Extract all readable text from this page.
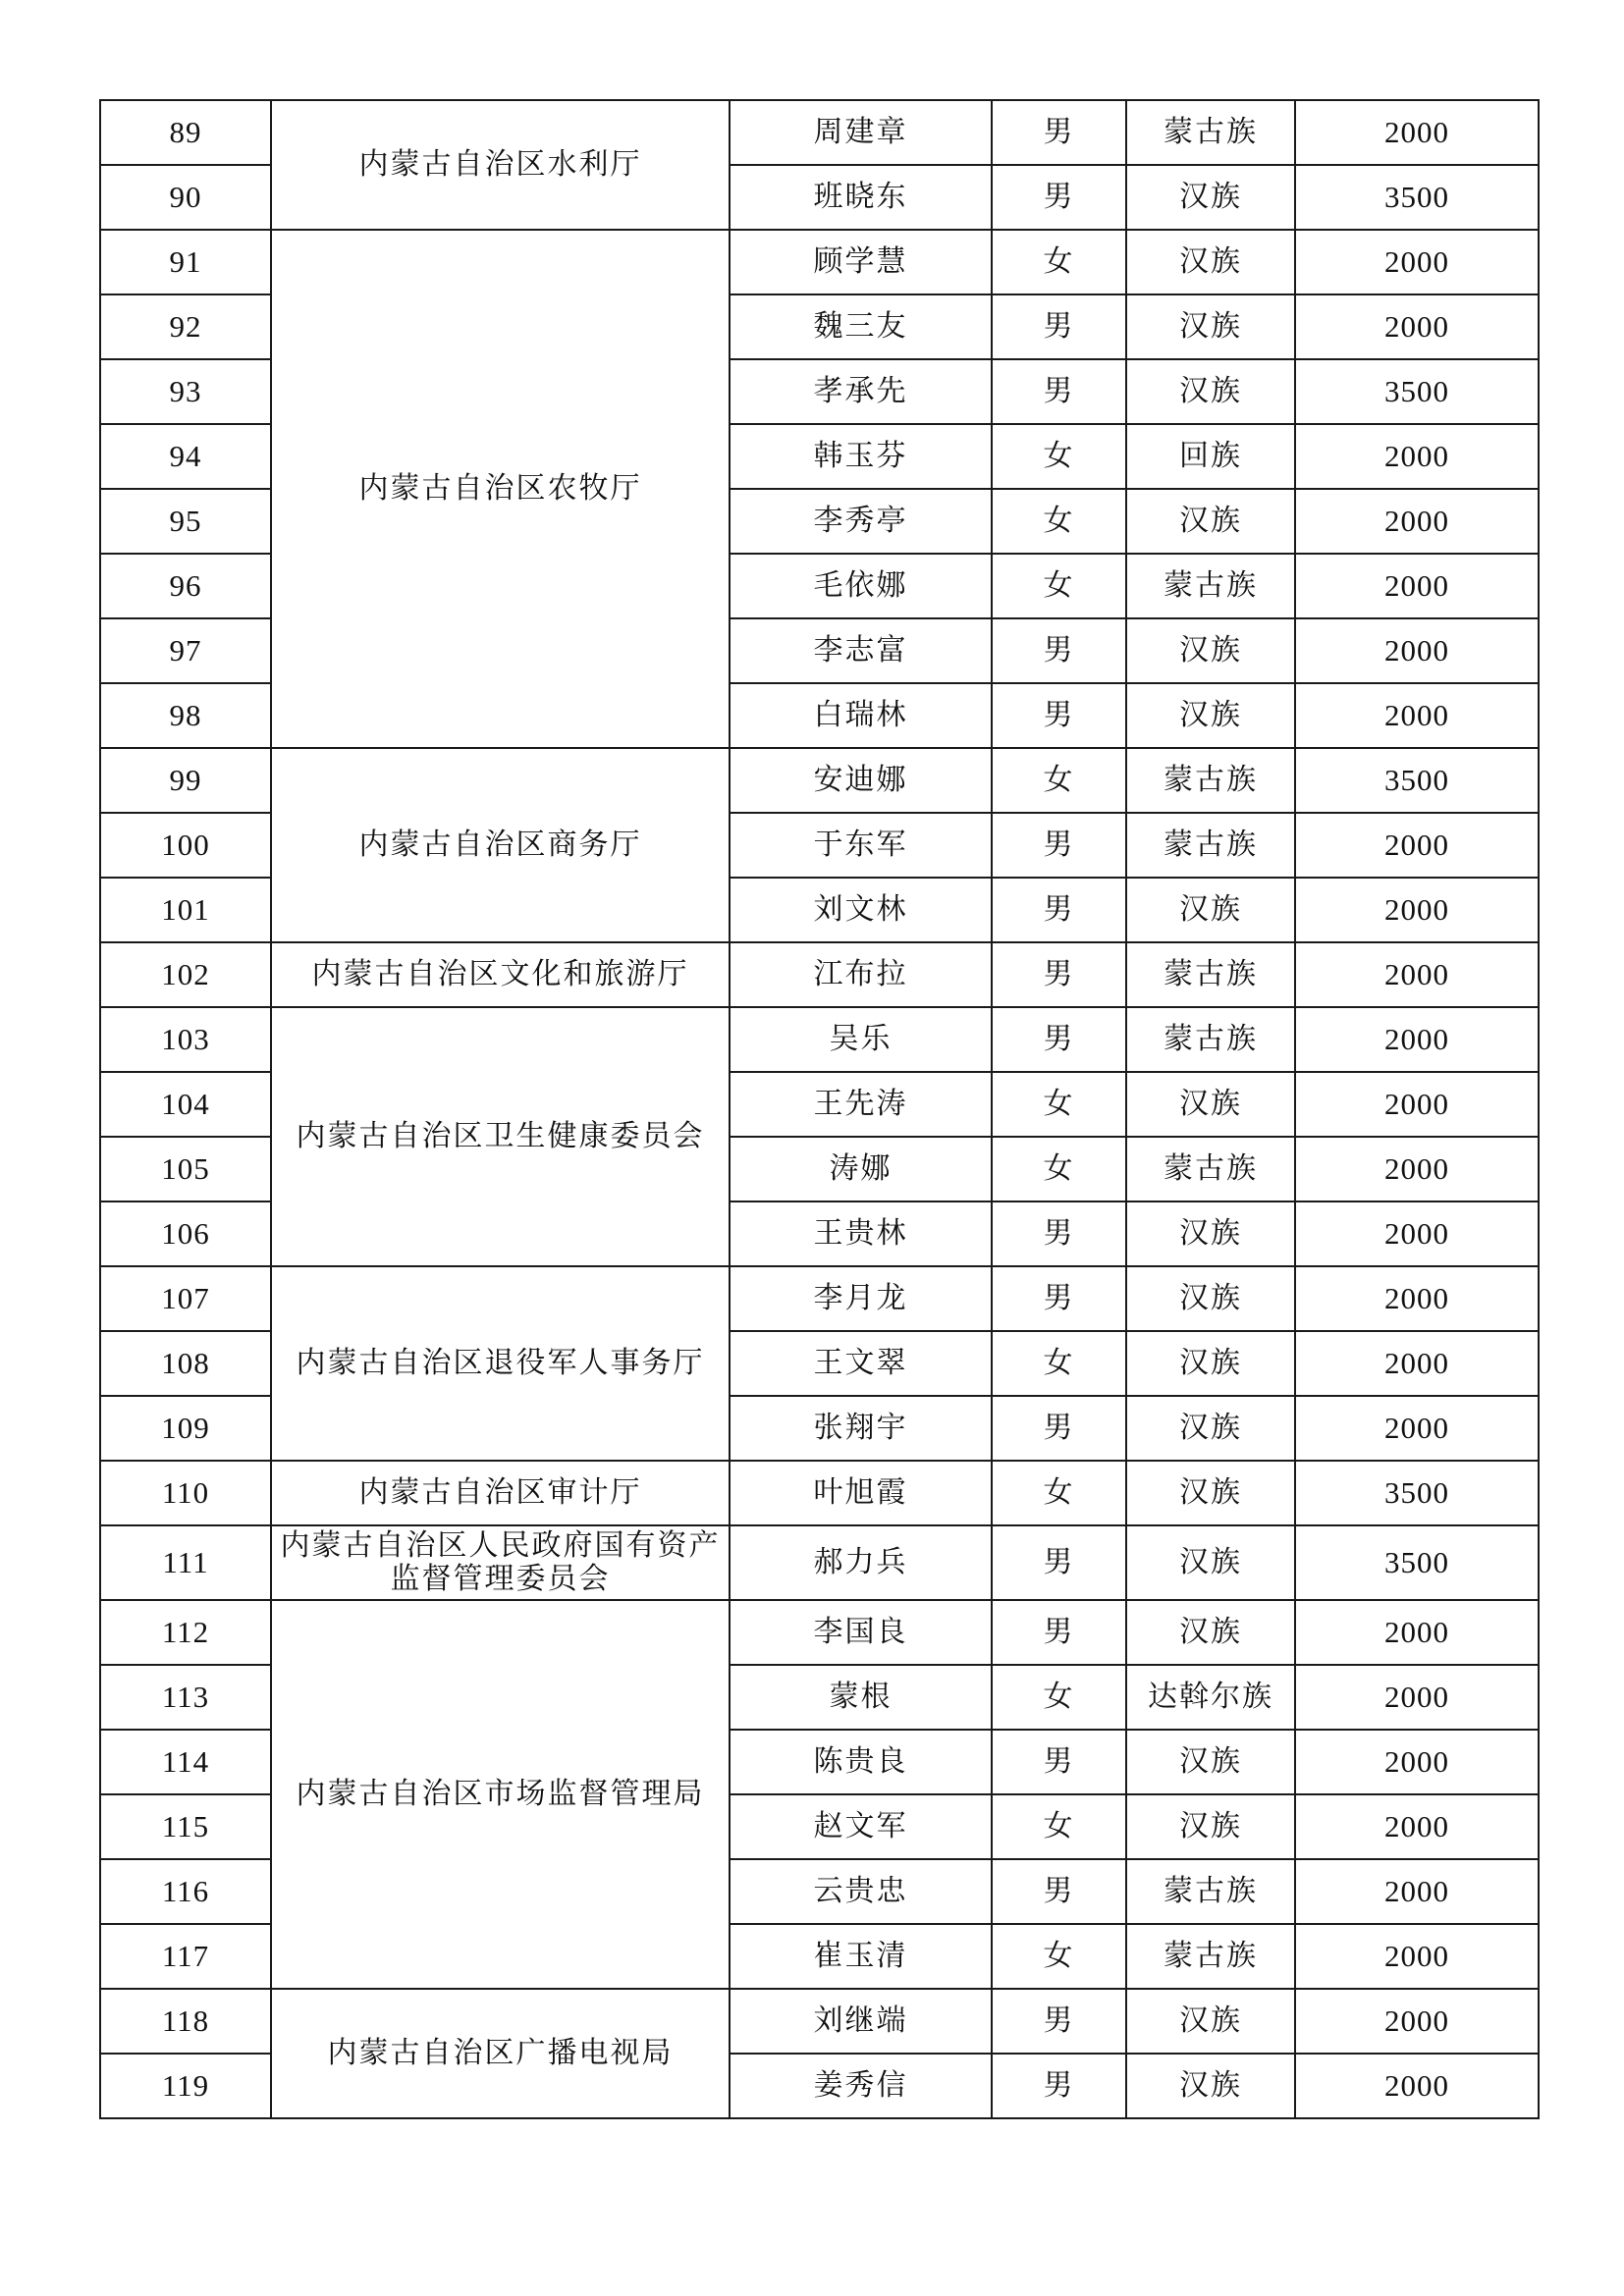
89	内蒙古自治区水利厅	周建章	男	蒙古族	2000
90		班晓东	男	汉族	3500
91	内蒙古自治区农牧厅	顾学慧	女	汉族	2000
92		魏三友	男	汉族	2000
93		孝承先	男	汉族	3500
94		韩玉芬	女	回族	2000
95		李秀亭	女	汉族	2000
96		毛依娜	女	蒙古族	2000
97		李志富	男	汉族	2000
98		白瑞林	男	汉族	2000
99	内蒙古自治区商务厅	安迪娜	女	蒙古族	3500
100		于东军	男	蒙古族	2000
101		刘文林	男	汉族	2000
102	内蒙古自治区文化和旅游厅	江布拉	男	蒙古族	2000
103	内蒙古自治区卫生健康委员会	吴乐	男	蒙古族	2000
104		王先涛	女	汉族	2000
105		涛娜	女	蒙古族	2000
106		王贵林	男	汉族	2000
107	内蒙古自治区退役军人事务厅	李月龙	男	汉族	2000
108		王文翠	女	汉族	2000
109		张翔宇	男	汉族	2000
110	内蒙古自治区审计厅	叶旭霞	女	汉族	3500
111	内蒙古自治区人民政府国有资产监督管理委员会	郝力兵	男	汉族	3500
112	内蒙古自治区市场监督管理局	李国良	男	汉族	2000
113		蒙根	女	达斡尔族	2000
114		陈贵良	男	汉族	2000
115		赵文军	女	汉族	2000
116		云贵忠	男	蒙古族	2000
117		崔玉清	女	蒙古族	2000
118	内蒙古自治区广播电视局	刘继端	男	汉族	2000
119		姜秀信	男	汉族	2000
